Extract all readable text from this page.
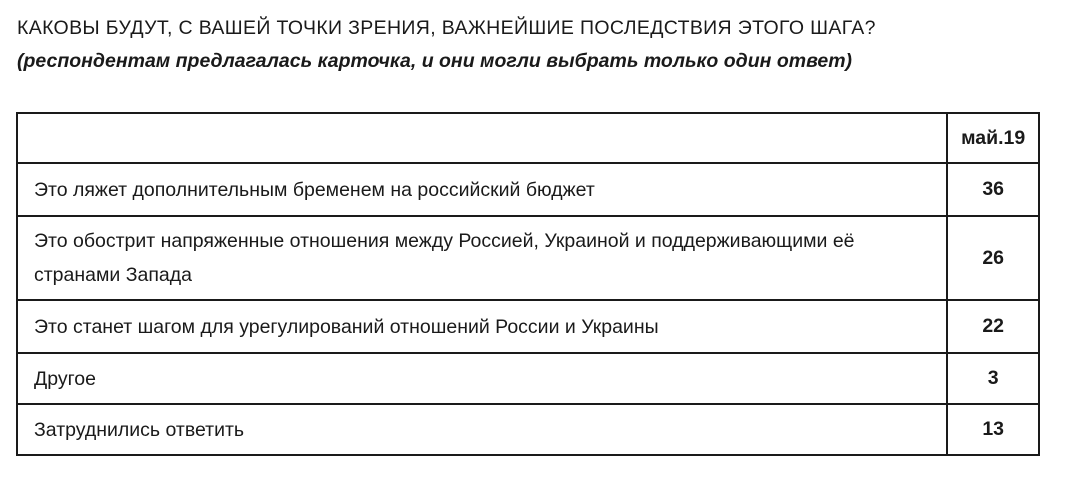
КАКОВЫ БУДУТ, С ВАШЕЙ ТОЧКИ ЗРЕНИЯ, ВАЖНЕЙШИЕ ПОСЛЕДСТВИЯ ЭТОГО ШАГА?
(респондентам предлагалась карточка, и они могли выбрать только один ответ)
	май.19
Это ляжет дополнительным бременем на российский бюджет	36
Это обострит напряженные отношения между Россией, Украиной и поддерживающими её странами Запада	26
Это станет шагом для урегулирований отношений России и Украины	22
Другое	3
Затруднились ответить	13
